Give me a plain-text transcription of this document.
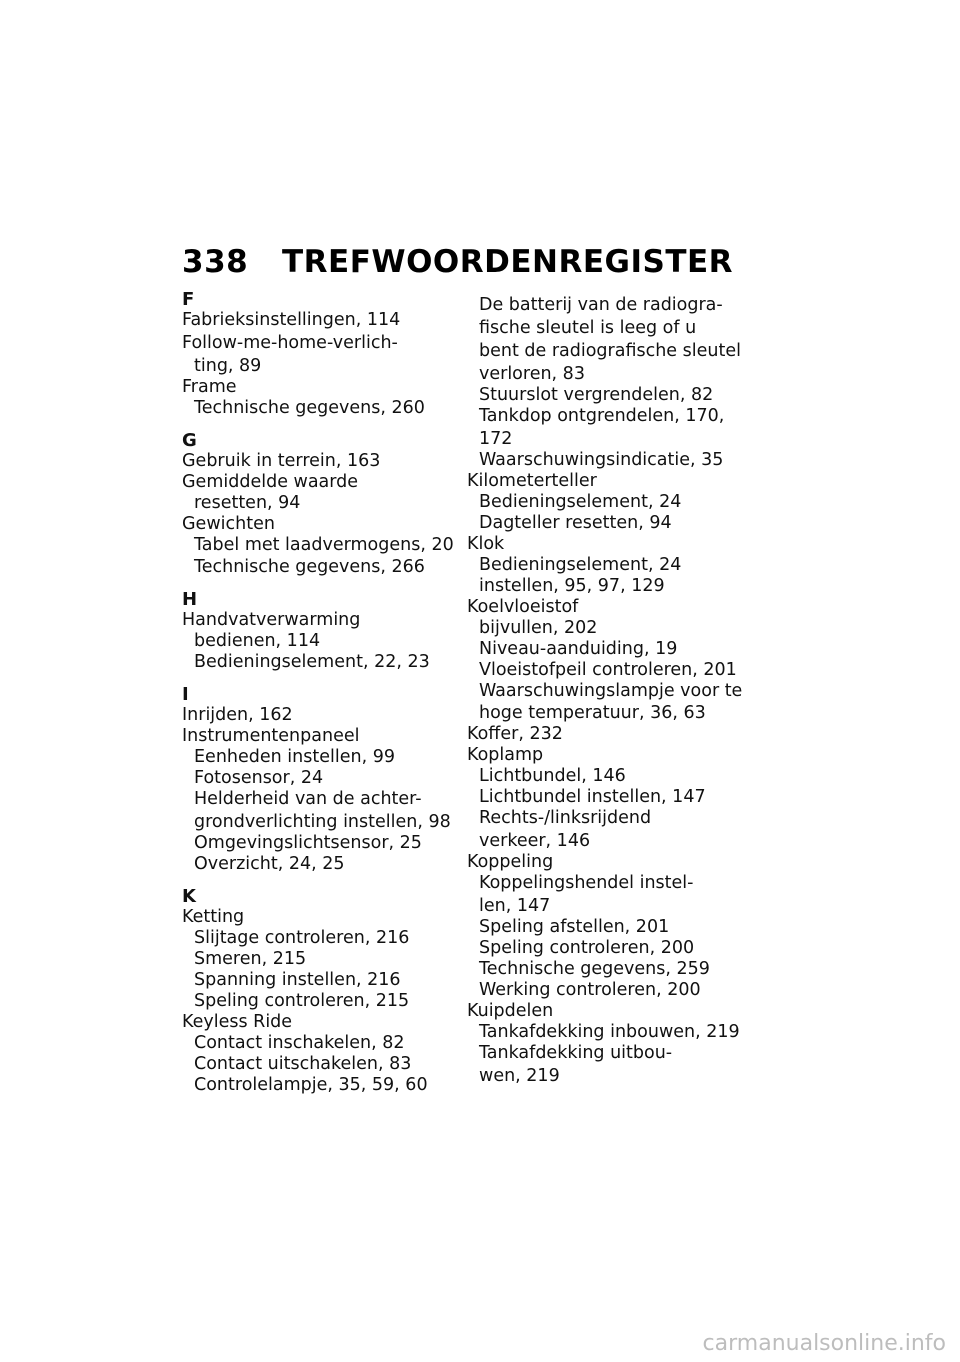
338 TREFWOORDENREGISTER
F
Fabrieksinstellingen, 114
Follow-me-home-verlich-
ting, 89
Frame
Technische gegevens, 260
G
Gebruik in terrein, 163
Gemiddelde waarde
resetten, 94
Gewichten
Tabel met laadvermogens, 20
Technische gegevens, 266
H
Handvatverwarming
bedienen, 114
Bedieningselement, 22, 23
I
Inrijden, 162
Instrumentenpaneel
Eenheden instellen, 99
Fotosensor, 24
Helderheid van de achter-
grondverlichting instellen, 98
Omgevingslichtsensor, 25
Overzicht, 24, 25
K
Ketting
Slijtage controleren, 216
Smeren, 215
Spanning instellen, 216
Speling controleren, 215
Keyless Ride
Contact inschakelen, 82
Contact uitschakelen, 83
Controlelampje, 35, 59, 60
De batterij van de radiogra-
fische sleutel is leeg of u
bent de radiografische sleutel
verloren, 83
Stuurslot vergrendelen, 82
Tankdop ontgrendelen, 170,
172
Waarschuwingsindicatie, 35
Kilometerteller
Bedieningselement, 24
Dagteller resetten, 94
Klok
Bedieningselement, 24
instellen, 95, 97, 129
Koelvloeistof
bijvullen, 202
Niveau-aanduiding, 19
Vloeistofpeil controleren, 201
Waarschuwingslampje voor te
hoge temperatuur, 36, 63
Koffer, 232
Koplamp
Lichtbundel, 146
Lichtbundel instellen, 147
Rechts-/linksrijdend
verkeer, 146
Koppeling
Koppelingshendel instel-
len, 147
Speling afstellen, 201
Speling controleren, 200
Technische gegevens, 259
Werking controleren, 200
Kuipdelen
Tankafdekking inbouwen, 219
Tankafdekking uitbou-
wen, 219
carmanualsonline.info
